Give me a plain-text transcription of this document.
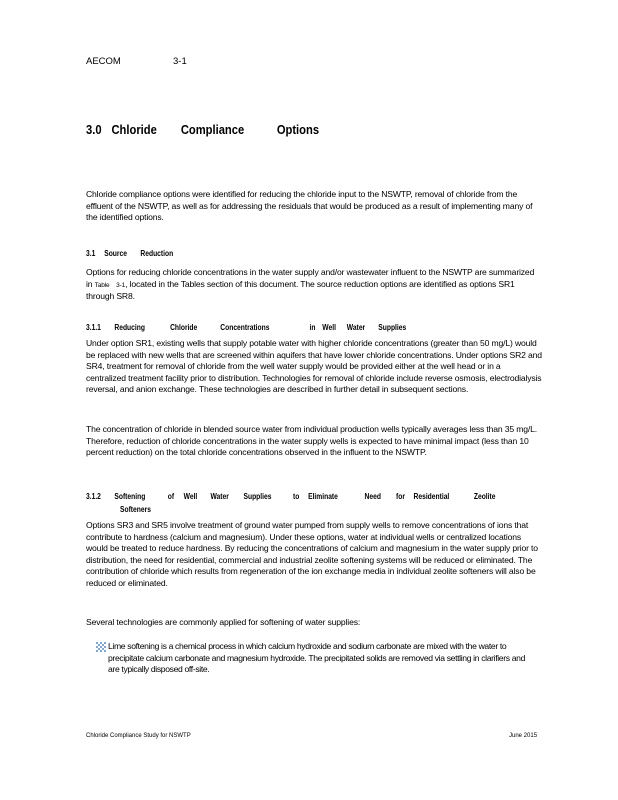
AECOM	3-1
3.0 Chloride Compliance	Options

Chloride compliance options were identified for reducing the chloride input to the NSWTP, removal of chloride from the effluent of the NSWTP, as well as for addressing the residuals that would be produced as a result of implementing many of the identified options.

3.1 Source Reduction

Options for reducing chloride concentrations in the water supply and/or wastewater influent to the NSWTP are summarized in Table 3-1, located in the Tables section of this document. The source reduction options are identified as options SR1 through SR8.

3.1.1 Reducing	Chloride	Concentrations	in Well Water Supplies

Under option SR1, existing wells that supply potable water with higher chloride concentrations (greater than 50 mg/L) would be replaced with new wells that are screened within aquifers that have lower chloride concentrations. Under options SR2 and SR4, treatment for removal of chloride from the well water supply would be provided either at the well head or in a centralized treatment facility prior to distribution. Technologies for removal of chloride include reverse osmosis, electrodialysis reversal, and anion exchange. These technologies are described in further detail in subsequent sections.

The concentration of chloride in blended source water from individual production wells typically averages less than 35 mg/L. Therefore, reduction of chloride concentrations in the water supply wells is expected to have minimal impact (less than 10 percent reduction) on the total chloride concentrations observed in the influent to the NSWTP.

3.1.2 Softening	of Well Water Supplies to Eliminate	Need for Residential	Zeolite
Softeners

Options SR3 and SR5 involve treatment of ground water pumped from supply wells to remove concentrations of ions that contribute to hardness (calcium and magnesium). Under these options, water at individual wells or centralized locations would be treated to reduce hardness. By reducing the concentrations of calcium and magnesium in the water supply prior to distribution, the need for residential, commercial and industrial zeolite softening systems will be reduced or eliminated. The contribution of chloride which results from regeneration of the ion exchange media in individual zeolite softeners will also be reduced or eliminated.

Several technologies are commonly applied for softening of water supplies:

Lime softening is a chemical process in which calcium hydroxide and sodium carbonate are mixed with the water to precipitate calcium carbonate and magnesium hydroxide. The precipitated solids are removed via settling in clarifiers and are typically disposed off-site.
Chloride Compliance Study for NSWTP	June 2015
